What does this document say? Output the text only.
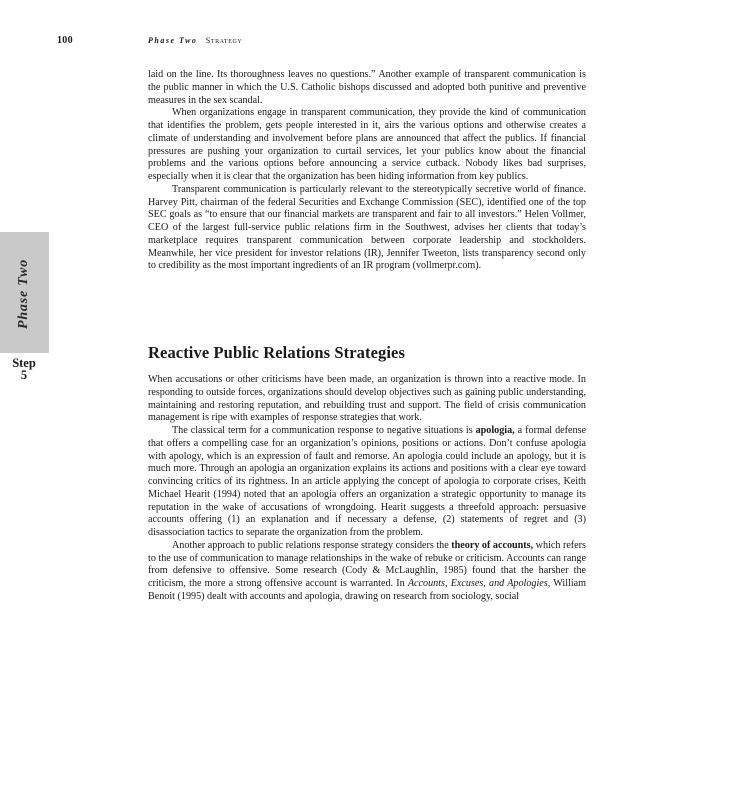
100	Phase Two Strategy
Phase Two
Step
5

laid on the line. Its thoroughness leaves no questions.” Another example of transparent communication is the public manner in which the U.S. Catholic bishops discussed and adopted both punitive and preventive measures in the sex scandal.

When organizations engage in transparent communication, they provide the kind of communication that identifies the problem, gets people interested in it, airs the various options and otherwise creates a climate of understanding and involvement before plans are announced that affect the publics. If financial pressures are pushing your organization to curtail services, let your publics know about the financial problems and the various options before announcing a service cutback. Nobody likes bad surprises, especially when it is clear that the organization has been hiding information from key publics.

Transparent communication is particularly relevant to the stereotypically secretive world of finance. Harvey Pitt, chairman of the federal Securities and Exchange Commission (SEC), identified one of the top SEC goals as “to ensure that our financial markets are transparent and fair to all investors.” Helen Vollmer, CEO of the largest full-service public relations firm in the Southwest, advises her clients that today’s marketplace requires transparent communication between corporate leadership and stockholders. Meanwhile, her vice president for investor relations (IR), Jennifer Tweeton, lists transparency second only to credibility as the most important ingredients of an IR program (vollmerpr.com).

Reactive Public Relations Strategies

When accusations or other criticisms have been made, an organization is thrown into a reactive mode. In responding to outside forces, organizations should develop objectives such as gaining public understanding, maintaining and restoring reputation, and rebuilding trust and support. The field of crisis communication management is ripe with examples of response strategies that work.

The classical term for a communication response to negative situations is apologia, a formal defense that offers a compelling case for an organization’s opinions, positions or actions. Don’t confuse apologia with apology, which is an expression of fault and remorse. An apologia could include an apology, but it is much more. Through an apologia an organization explains its actions and positions with a clear eye toward convincing critics of its rightness. In an article applying the concept of apologia to corporate crises, Keith Michael Hearit (1994) noted that an apologia offers an organization a strategic opportunity to manage its reputation in the wake of accusations of wrongdoing. Hearit suggests a threefold approach: persuasive accounts offering (1) an explanation and if necessary a defense, (2) statements of regret and (3) disassociation tactics to separate the organization from the problem.

Another approach to public relations response strategy considers the theory of accounts, which refers to the use of communication to manage relationships in the wake of rebuke or criticism. Accounts can range from defensive to offensive. Some research (Cody & McLaughlin, 1985) found that the harsher the criticism, the more a strong offensive account is warranted. In Accounts, Excuses, and Apologies, William Benoit (1995) dealt with accounts and apologia, drawing on research from sociology, social
